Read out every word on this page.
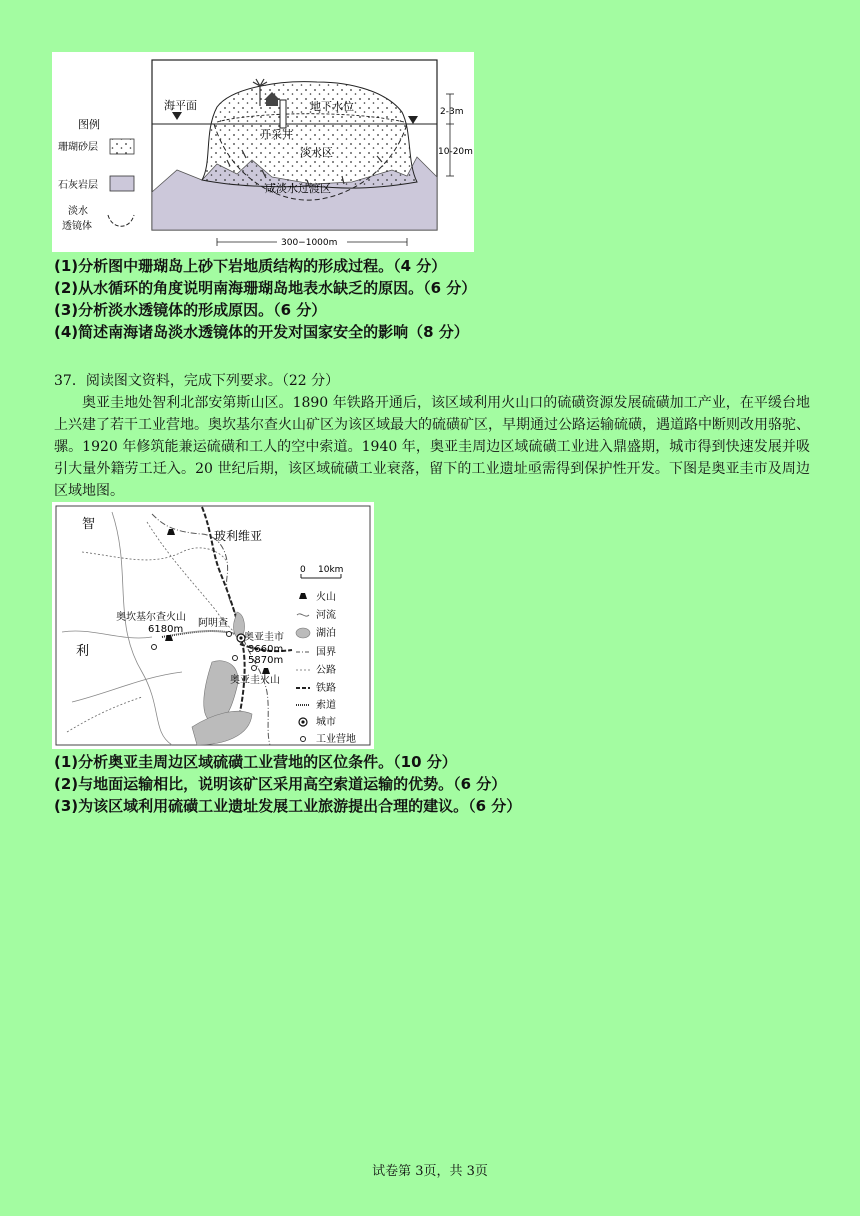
海平面	地下水位
开采井
淡水区
咸淡水过渡区
2-3m
10-20m
300−1000m
图例
珊瑚砂层
石灰岩层
淡水
透镜体
(1)分析图中珊瑚岛上砂下岩地质结构的形成过程。（4 分）
(2)从水循环的角度说明南海珊瑚岛地表水缺乏的原因。（6 分）
(3)分析淡水透镜体的形成原因。（6 分）
(4)简述南海诸岛淡水透镜体的开发对国家安全的影响（8 分）
37．阅读图文资料，完成下列要求。（22 分）
奥亚圭地处智利北部安第斯山区。1890 年铁路开通后，该区域利用火山口的硫磺资源发展硫磺加工产业，在平缓台地上兴建了若干工业营地。奥坎基尔查火山矿区为该区域最大的硫磺矿区，早期通过公路运输硫磺，遇道路中断则改用骆驼、骡。1920 年修筑能兼运硫磺和工人的空中索道。1940 年，奥亚圭周边区域硫磺工业进入鼎盛期，城市得到快速发展并吸引大量外籍劳工迁入。20 世纪后期，该区域硫磺工业衰落，留下的工业遗址亟需得到保护性开发。下图是奥亚圭市及周边区域地图。
智
利
玻利维亚
奥坎基尔查火山
6180m
阿明查
奥亚圭市
3660m
5870m
奥亚圭火山
0 10km
火山
河流
湖泊
国界
公路
铁路
索道
城市
工业营地
(1)分析奥亚圭周边区域硫磺工业营地的区位条件。（10 分）
(2)与地面运输相比，说明该矿区采用高空索道运输的优势。（6 分）
(3)为该区域利用硫磺工业遗址发展工业旅游提出合理的建议。（6 分）
试卷第 3页，共 3页
